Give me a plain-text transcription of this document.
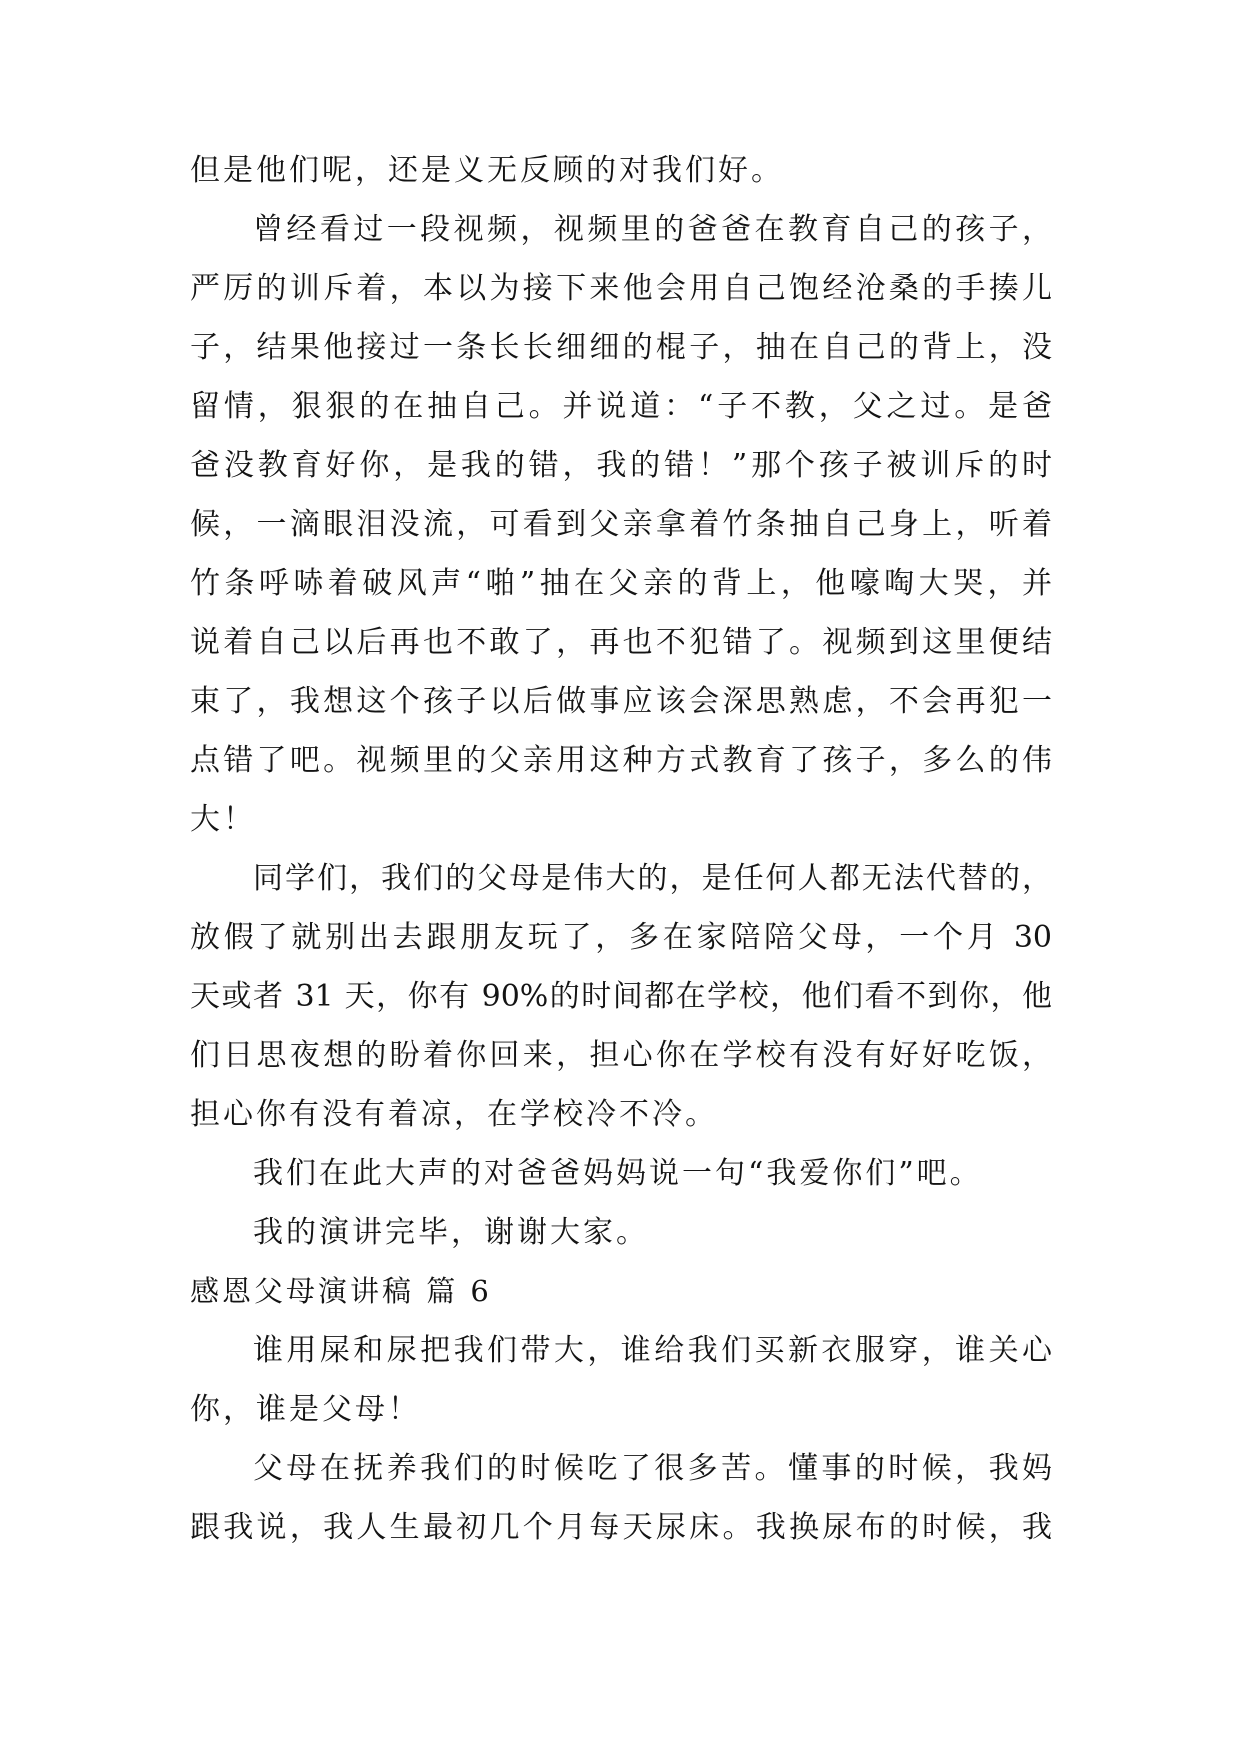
但是他们呢，还是义无反顾的对我们好。
曾经看过一段视频，视频里的爸爸在教育自己的孩子，
严厉的训斥着，本以为接下来他会用自己饱经沧桑的手揍儿
子，结果他接过一条长长细细的棍子，抽在自己的背上，没
留情，狠狠的在抽自己。并说道：“子不教，父之过。是爸
爸没教育好你，是我的错，我的错！”那个孩子被训斥的时
候，一滴眼泪没流，可看到父亲拿着竹条抽自己身上，听着
竹条呼哧着破风声“啪”抽在父亲的背上，他嚎啕大哭，并
说着自己以后再也不敢了，再也不犯错了。视频到这里便结
束了，我想这个孩子以后做事应该会深思熟虑，不会再犯一
点错了吧。视频里的父亲用这种方式教育了孩子，多么的伟
大！
同学们，我们的父母是伟大的，是任何人都无法代替的，
放假了就别出去跟朋友玩了，多在家陪陪父母，一个月 30
天或者 31 天，你有 90%的时间都在学校，他们看不到你，他
们日思夜想的盼着你回来，担心你在学校有没有好好吃饭，
担心你有没有着凉，在学校冷不冷。
我们在此大声的对爸爸妈妈说一句“我爱你们”吧。
我的演讲完毕，谢谢大家。
感恩父母演讲稿 篇 6
谁用屎和尿把我们带大，谁给我们买新衣服穿，谁关心
你，谁是父母！
父母在抚养我们的时候吃了很多苦。懂事的时候，我妈
跟我说，我人生最初几个月每天尿床。我换尿布的时候，我
